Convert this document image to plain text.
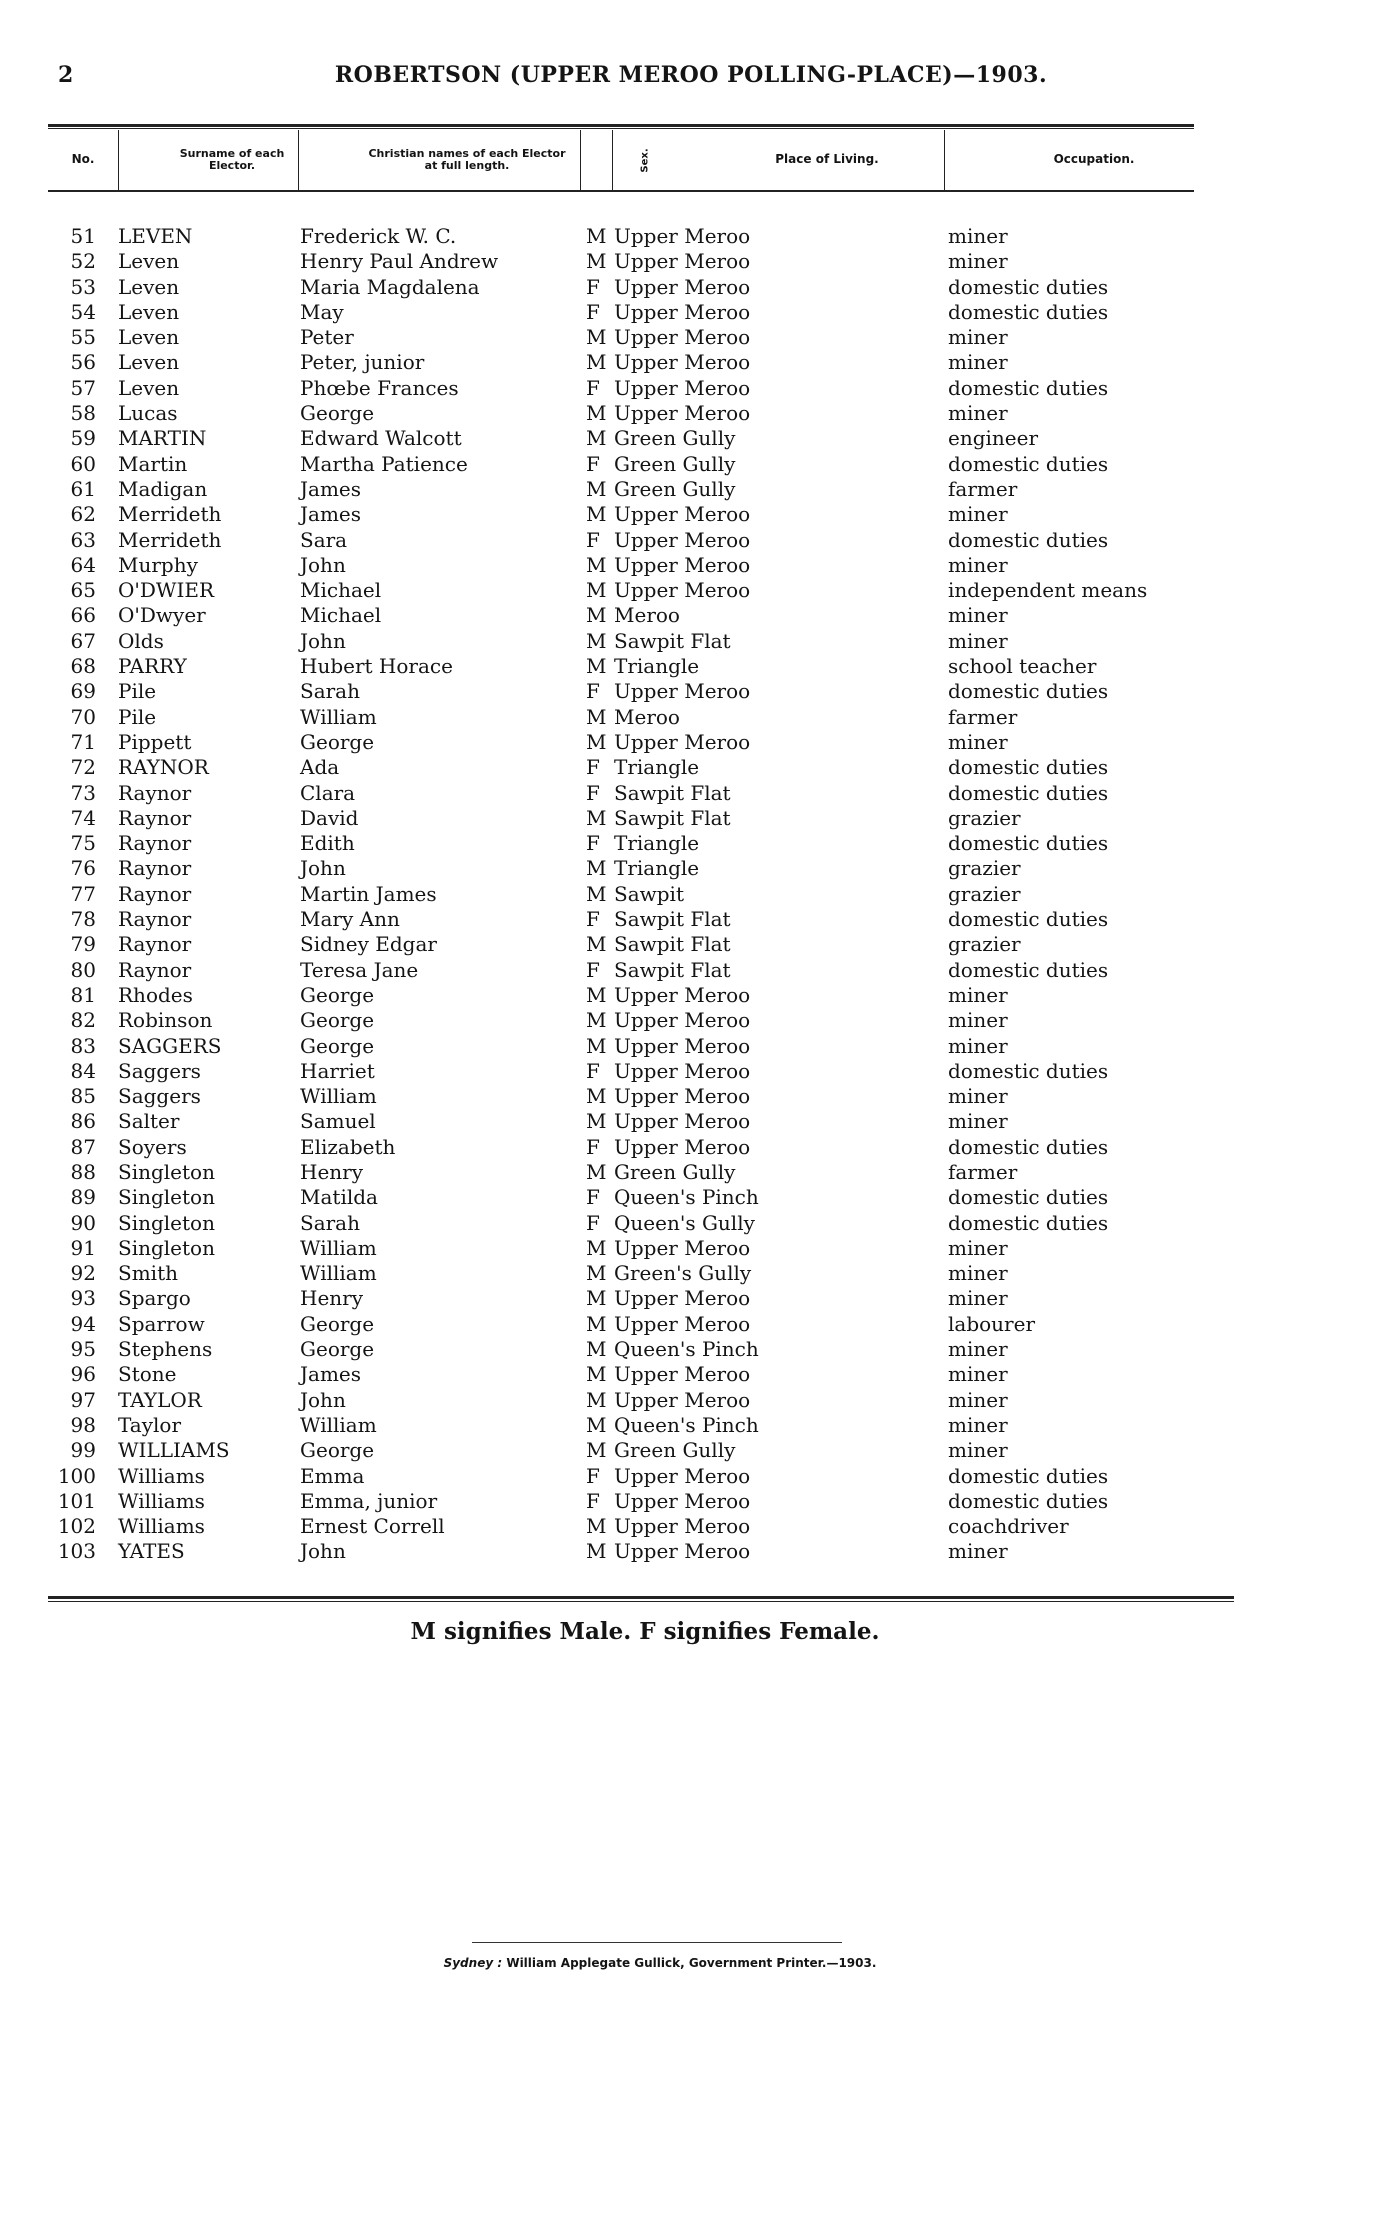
2	ROBERTSON (UPPER MEROO POLLING-PLACE)—1903.
No.	Surname of each
Elector.
Christian names of each Elector
at full length.	Sex.	Place of Living.	Occupation.
51 LEVEN	Frederick W. C.	M Upper Meroo	miner
52 Leven	Henry Paul Andrew	M Upper Meroo	miner
53 Leven	Maria Magdalena	F Upper Meroo	domestic duties
54 Leven	May	F Upper Meroo	domestic duties
55 Leven	Peter	M Upper Meroo	miner
56 Leven	Peter, junior	M Upper Meroo	miner
57 Leven	Phœbe Frances	F Upper Meroo	domestic duties
58 Lucas	George	M Upper Meroo	miner
59 MARTIN	Edward Walcott	M Green Gully	engineer
60 Martin	Martha Patience	F Green Gully	domestic duties
61 Madigan	James	M Green Gully	farmer
62 Merrideth	James	M Upper Meroo	miner
63 Merrideth	Sara	F Upper Meroo	domestic duties
64 Murphy	John	M Upper Meroo	miner
65 O'DWIER	Michael	M Upper Meroo	independent means
66 O'Dwyer	Michael	M Meroo	miner
67 Olds	John	M Sawpit Flat	miner
68 PARRY	Hubert Horace	M Triangle	school teacher
69 Pile	Sarah	F Upper Meroo	domestic duties
70 Pile	William	M Meroo	farmer
71 Pippett	George	M Upper Meroo	miner
72 RAYNOR	Ada	F Triangle	domestic duties
73 Raynor	Clara	F Sawpit Flat	domestic duties
74 Raynor	David	M Sawpit Flat	grazier
75 Raynor	Edith	F Triangle	domestic duties
76 Raynor	John	M Triangle	grazier
77 Raynor	Martin James	M Sawpit	grazier
78 Raynor	Mary Ann	F Sawpit Flat	domestic duties
79 Raynor	Sidney Edgar	M Sawpit Flat	grazier
80 Raynor	Teresa Jane	F Sawpit Flat	domestic duties
81 Rhodes	George	M Upper Meroo	miner
82 Robinson	George	M Upper Meroo	miner
83 SAGGERS	George	M Upper Meroo	miner
84 Saggers	Harriet	F Upper Meroo	domestic duties
85 Saggers	William	M Upper Meroo	miner
86 Salter	Samuel	M Upper Meroo	miner
87 Soyers	Elizabeth	F Upper Meroo	domestic duties
88 Singleton	Henry	M Green Gully	farmer
89 Singleton	Matilda	F Queen's Pinch	domestic duties
90 Singleton	Sarah	F Queen's Gully	domestic duties
91 Singleton	William	M Upper Meroo	miner
92 Smith	William	M Green's Gully	miner
93 Spargo	Henry	M Upper Meroo	miner
94 Sparrow	George	M Upper Meroo	labourer
95 Stephens	George	M Queen's Pinch	miner
96 Stone	James	M Upper Meroo	miner
97 TAYLOR	John	M Upper Meroo	miner
98 Taylor	William	M Queen's Pinch	miner
99 WILLIAMS	George	M Green Gully	miner
100 Williams	Emma	F Upper Meroo	domestic duties
101 Williams	Emma, junior	F Upper Meroo	domestic duties
102 Williams	Ernest Correll	M Upper Meroo	coachdriver
103 YATES	John	M Upper Meroo	miner
M signifies Male. F signifies Female.
Sydney : William Applegate Gullick, Government Printer.—1903.
